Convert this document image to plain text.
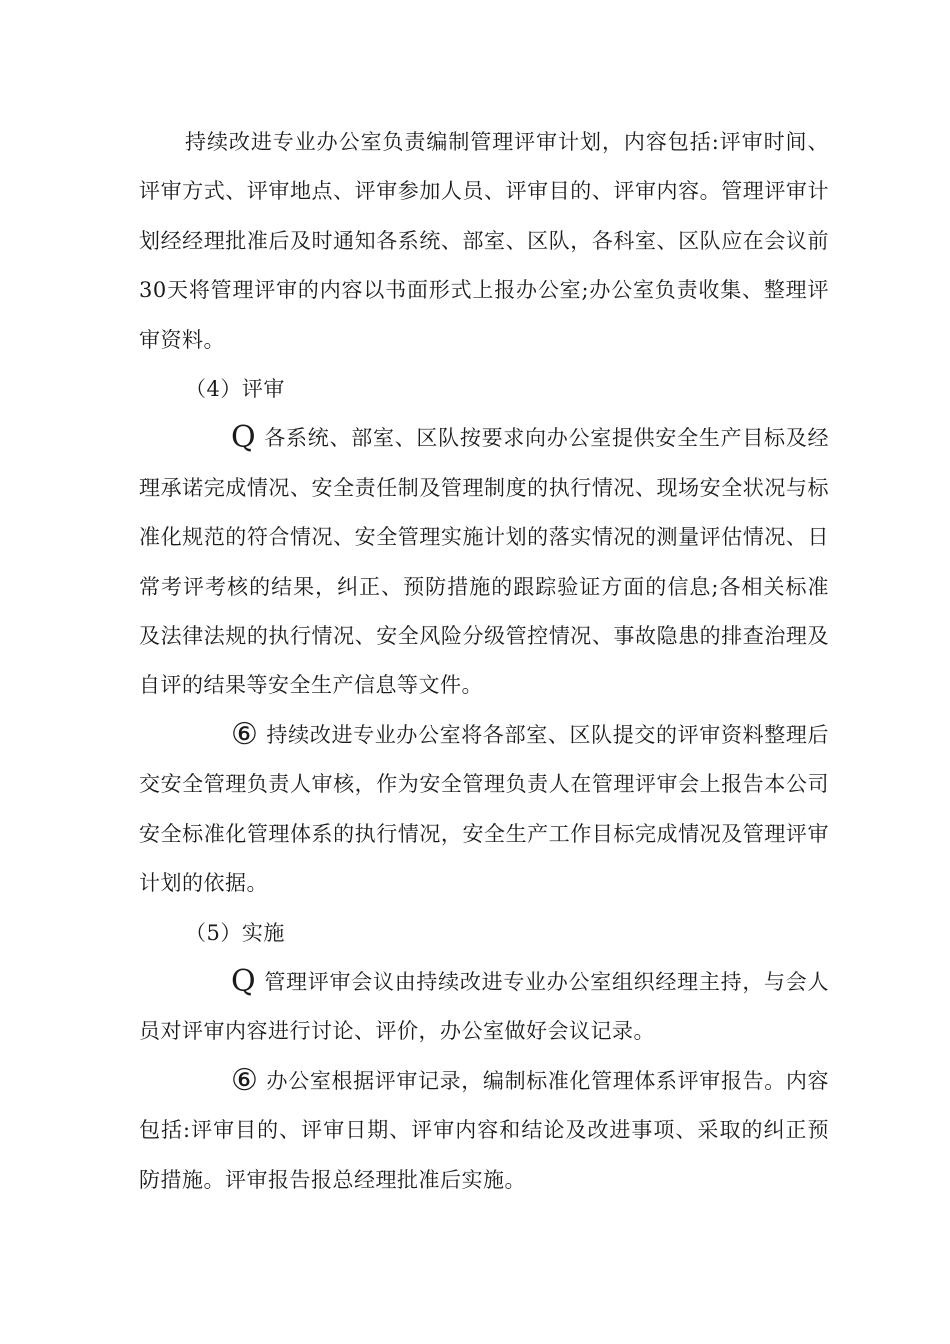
持续改进专业办公室负责编制管理评审计划，内容包括:评审时间、评审方式、评审地点、评审参加人员、评审目的、评审内容。管理评审计划经经理批准后及时通知各系统、部室、区队，各科室、区队应在会议前30天将管理评审的内容以书面形式上报办公室;办公室负责收集、整理评审资料。

（4）评审

Q 各系统、部室、区队按要求向办公室提供安全生产目标及经理承诺完成情况、安全责任制及管理制度的执行情况、现场安全状况与标准化规范的符合情况、安全管理实施计划的落实情况的测量评估情况、日常考评考核的结果，纠正、预防措施的跟踪验证方面的信息;各相关标准及法律法规的执行情况、安全风险分级管控情况、事故隐患的排查治理及自评的结果等安全生产信息等文件。

⑥ 持续改进专业办公室将各部室、区队提交的评审资料整理后交安全管理负责人审核，作为安全管理负责人在管理评审会上报告本公司安全标准化管理体系的执行情况，安全生产工作目标完成情况及管理评审计划的依据。

（5）实施

Q 管理评审会议由持续改进专业办公室组织经理主持，与会人员对评审内容进行讨论、评价，办公室做好会议记录。

⑥ 办公室根据评审记录，编制标准化管理体系评审报告。内容包括:评审目的、评审日期、评审内容和结论及改进事项、采取的纠正预防措施。评审报告报总经理批准后实施。
